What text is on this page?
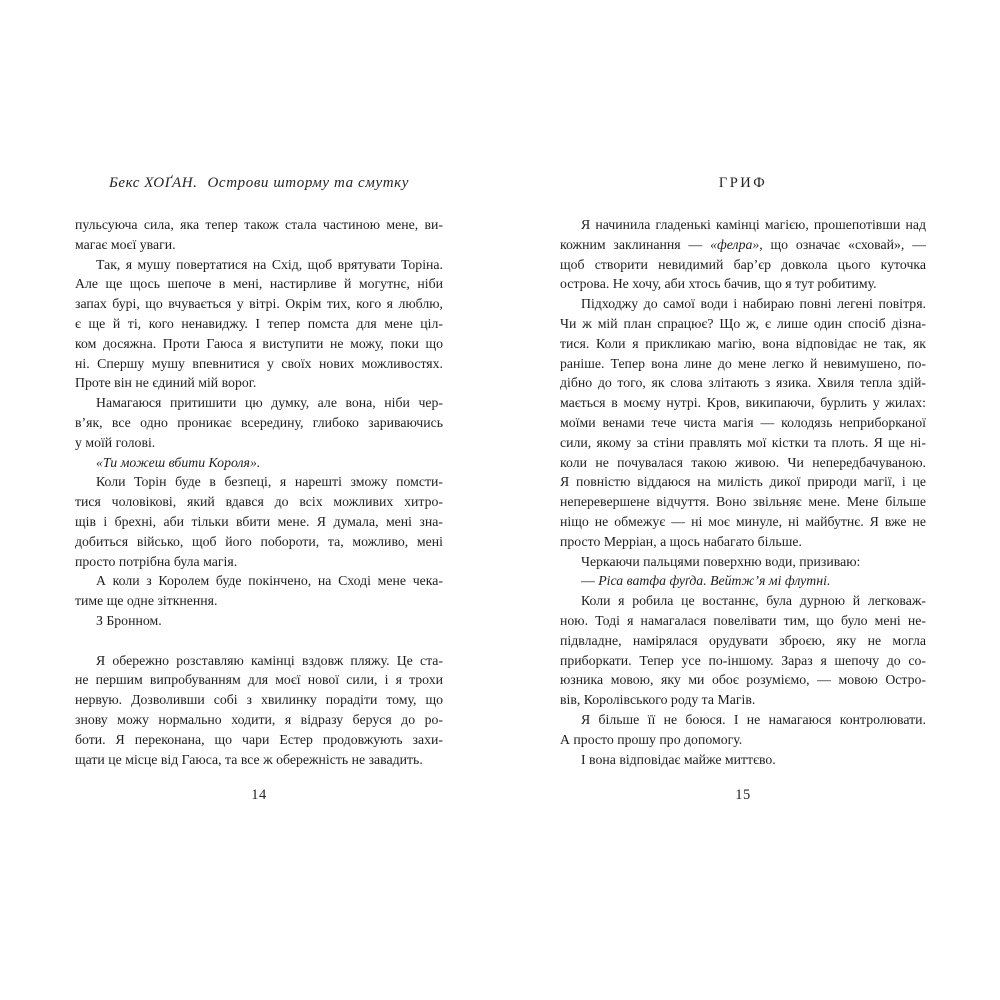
Бекс ХОҐАН. Острови шторму та смутку
пульсуюча сила, яка тепер також стала частиною мене, ви-
магає моєї уваги.
Так, я мушу повертатися на Схід, щоб врятувати Торіна.
Але ще щось шепоче в мені, настирливе й могутнє, ніби
запах бурі, що вчувається у вітрі. Окрім тих, кого я люблю,
є ще й ті, кого ненавиджу. І тепер помста для мене ціл-
ком досяжна. Проти Гаюса я виступити не можу, поки що
ні. Спершу мушу впевнитися у своїх нових можливостях.
Проте він не єдиний мій ворог.
Намагаюся притишити цю думку, але вона, ніби чер-
в’як, все одно проникає всередину, глибоко зариваючись
у моїй голові.
«Ти можеш вбити Короля».
Коли Торін буде в безпеці, я нарешті зможу помсти-
тися чоловікові, який вдався до всіх можливих хитро-
щів і брехні, аби тільки вбити мене. Я думала, мені зна-
добиться військо, щоб його побороти, та, можливо, мені
просто потрібна була магія.
А коли з Королем буде покінчено, на Сході мене чека-
тиме ще одне зіткнення.
З Бронном.
Я обережно розставляю камінці вздовж пляжу. Це ста-
не першим випробуванням для моєї нової сили, і я трохи
нервую. Дозволивши собі з хвилинку порадіти тому, що
знову можу нормально ходити, я відразу беруся до ро-
боти. Я переконана, що чари Естер продовжують захи-
щати це місце від Гаюса, та все ж обережність не завадить.
14
ГРИФ
Я начинила гладенькі камінці магією, прошепотівши над
кожним заклинання — «фелра», що означає «сховай», —
щоб створити невидимий бар’єр довкола цього куточка
острова. Не хочу, аби хтось бачив, що я тут робитиму.
Підходжу до самої води і набираю повні легені повітря.
Чи ж мій план спрацює? Що ж, є лише один спосіб дізна-
тися. Коли я прикликаю магію, вона відповідає не так, як
раніше. Тепер вона лине до мене легко й невимушено, по-
дібно до того, як слова злітають з язика. Хвиля тепла здій-
мається в моєму нутрі. Кров, википаючи, бурлить у жилах:
моїми венами тече чиста магія — колодязь неприборканої
сили, якому за стіни правлять мої кістки та плоть. Я ще ні-
коли не почувалася такою живою. Чи непередбачуваною.
Я повністю віддаюся на милість дикої природи магії, і це
неперевершене відчуття. Воно звільняє мене. Мене більше
ніщо не обмежує — ні моє минуле, ні майбутнє. Я вже не
просто Мерріан, а щось набагато більше.
Черкаючи пальцями поверхню води, призиваю:
— Ріса ватфа фуґда. Вейтж’я мі флутні.
Коли я робила це востаннє, була дурною й легковаж-
ною. Тоді я намагалася повелівати тим, що було мені не-
підвладне, намірялася орудувати зброєю, яку не могла
приборкати. Тепер усе по-іншому. Зараз я шепочу до со-
юзника мовою, яку ми обоє розуміємо, — мовою Остро-
вів, Королівського роду та Магів.
Я більше її не боюся. І не намагаюся контролювати.
А просто прошу про допомогу.
І вона відповідає майже миттєво.
15
